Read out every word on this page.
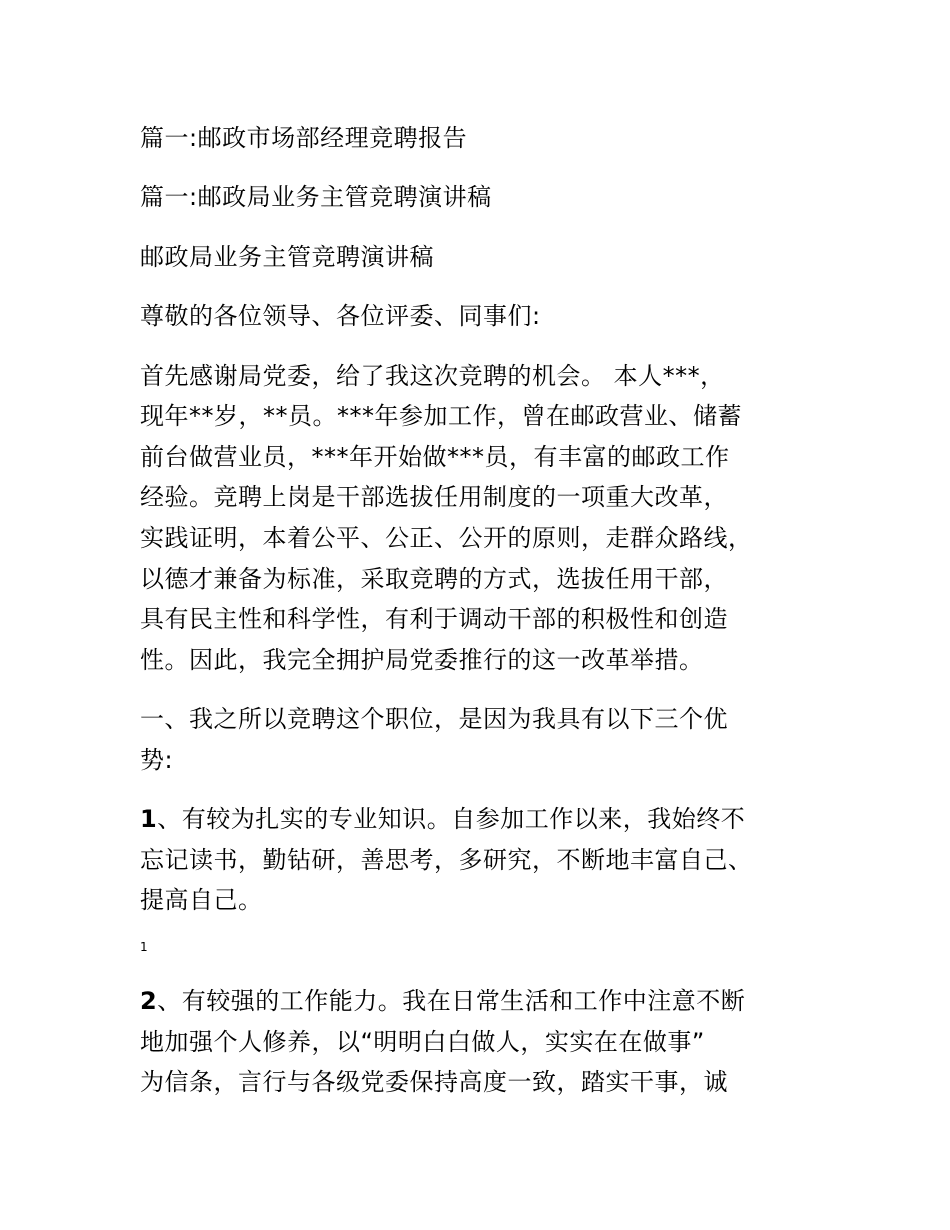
篇一:邮政市场部经理竞聘报告
篇一:邮政局业务主管竞聘演讲稿
邮政局业务主管竞聘演讲稿
尊敬的各位领导、各位评委、同事们:
首先感谢局党委，给了我这次竞聘的机会。 本人***，
现年**岁，**员。***年参加工作，曾在邮政营业、储蓄
前台做营业员，***年开始做***员，有丰富的邮政工作
经验。竞聘上岗是干部选拔任用制度的一项重大改革，
实践证明，本着公平、公正、公开的原则，走群众路线，
以德才兼备为标准，采取竞聘的方式，选拔任用干部，
具有民主性和科学性，有利于调动干部的积极性和创造
性。因此，我完全拥护局党委推行的这一改革举措。
一、我之所以竞聘这个职位，是因为我具有以下三个优
势:
1、有较为扎实的专业知识。自参加工作以来，我始终不
忘记读书，勤钻研，善思考，多研究，不断地丰富自己、
提高自己。
1
2、有较强的工作能力。我在日常生活和工作中注意不断
地加强个人修养，以“明明白白做人，实实在在做事”
为信条，言行与各级党委保持高度一致，踏实干事，诚
